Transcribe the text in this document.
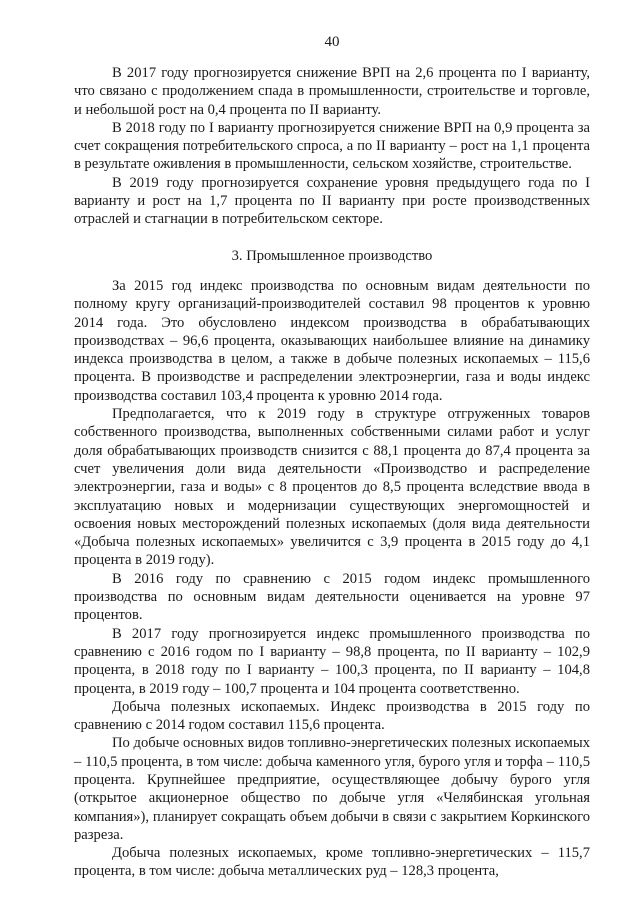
40

В 2017 году прогнозируется снижение ВРП на 2,6 процента по I варианту, что связано с продолжением спада в промышленности, строительстве и торговле, и небольшой рост на 0,4 процента по II варианту.

В 2018 году по I варианту прогнозируется снижение ВРП на 0,9 процента за счет сокращения потребительского спроса, а по II варианту – рост на 1,1 процента в результате оживления в промышленности, сельском хозяйстве, строительстве.

В 2019 году прогнозируется сохранение уровня предыдущего года по I варианту и рост на 1,7 процента по II варианту при росте производственных отраслей и стагнации в потребительском секторе.

3. Промышленное производство

За 2015 год индекс производства по основным видам деятельности по полному кругу организаций-производителей составил 98 процентов к уровню 2014 года. Это обусловлено индексом производства в обрабатывающих производствах – 96,6 процента, оказывающих наибольшее влияние на динамику индекса производства в целом, а также в добыче полезных ископаемых – 115,6 процента. В производстве и распределении электроэнергии, газа и воды индекс производства составил 103,4 процента к уровню 2014 года.

Предполагается, что к 2019 году в структуре отгруженных товаров собственного производства, выполненных собственными силами работ и услуг доля обрабатывающих производств снизится с 88,1 процента до 87,4 процента за счет увеличения доли вида деятельности «Производство и распределение электроэнергии, газа и воды» с 8 процентов до 8,5 процента вследствие ввода в эксплуатацию новых и модернизации существующих энергомощностей и освоения новых месторождений полезных ископаемых (доля вида деятельности «Добыча полезных ископаемых» увеличится с 3,9 процента в 2015 году до 4,1 процента в 2019 году).

В 2016 году по сравнению с 2015 годом индекс промышленного производства по основным видам деятельности оценивается на уровне 97 процентов.

В 2017 году прогнозируется индекс промышленного производства по сравнению с 2016 годом по I варианту – 98,8 процента, по II варианту – 102,9 процента, в 2018 году по I варианту – 100,3 процента, по II варианту – 104,8 процента, в 2019 году – 100,7 процента и 104 процента соответственно.

Добыча полезных ископаемых. Индекс производства в 2015 году по сравнению с 2014 годом составил 115,6 процента.

По добыче основных видов топливно-энергетических полезных ископаемых – 110,5 процента, в том числе: добыча каменного угля, бурого угля и торфа – 110,5 процента. Крупнейшее предприятие, осуществляющее добычу бурого угля (открытое акционерное общество по добыче угля «Челябинская угольная компания»), планирует сокращать объем добычи в связи с закрытием Коркинского разреза.

Добыча полезных ископаемых, кроме топливно-энергетических – 115,7 процента, в том числе: добыча металлических руд – 128,3 процента,
